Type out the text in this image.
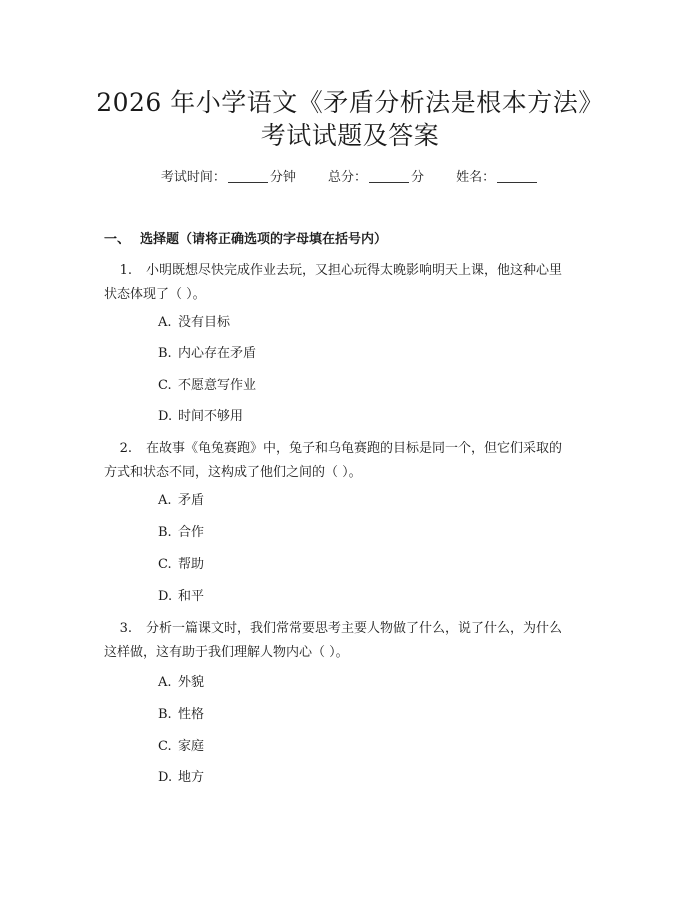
2026 年小学语文《矛盾分析法是根本方法》
考试试题及答案
考试时间：	分钟 总分：	分 姓名：
一、 选择题（请将正确选项的字母填在括号内）
1. 小明既想尽快完成作业去玩，又担心玩得太晚影响明天上课，他这种心里
状态体现了（ ）。
A. 没有目标
B. 内心存在矛盾
C. 不愿意写作业
D. 时间不够用
2. 在故事《龟兔赛跑》中，兔子和乌龟赛跑的目标是同一个，但它们采取的
方式和状态不同，这构成了他们之间的（ ）。
A. 矛盾
B. 合作
C. 帮助
D. 和平
3. 分析一篇课文时，我们常常要思考主要人物做了什么，说了什么，为什么
这样做，这有助于我们理解人物内心（ ）。
A. 外貌
B. 性格
C. 家庭
D. 地方
